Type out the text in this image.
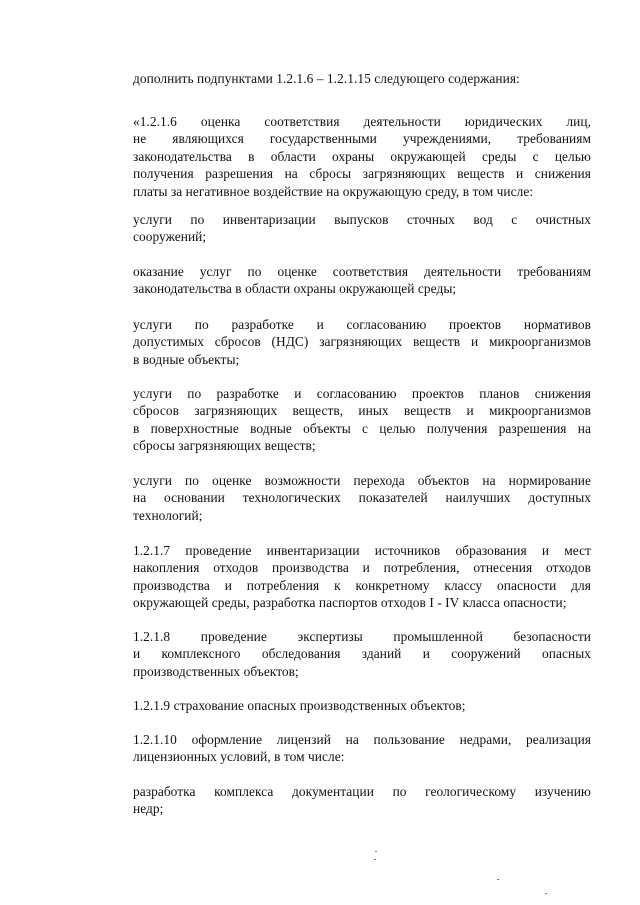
дополнить подпунктами 1.2.1.6 – 1.2.1.15 следующего содержания:
«1.2.1.6 оценка соответствия деятельности юридических лиц,
не являющихся государственными учреждениями, требованиям
законодательства в области охраны окружающей среды с целью
получения разрешения на сбросы загрязняющих веществ и снижения
платы за негативное воздействие на окружающую среду, в том числе:
услуги по инвентаризации выпусков сточных вод с очистных
сооружений;
оказание услуг по оценке соответствия деятельности требованиям
законодательства в области охраны окружающей среды;
услуги по разработке и согласованию проектов нормативов
допустимых сбросов (НДС) загрязняющих веществ и микроорганизмов
в водные объекты;
услуги по разработке и согласованию проектов планов снижения
сбросов загрязняющих веществ, иных веществ и микроорганизмов
в поверхностные водные объекты с целью получения разрешения на
сбросы загрязняющих веществ;
услуги по оценке возможности перехода объектов на нормирование
на основании технологических показателей наилучших доступных
технологий;
1.2.1.7 проведение инвентаризации источников образования и мест
накопления отходов производства и потребления, отнесения отходов
производства и потребления к конкретному классу опасности для
окружающей среды, разработка паспортов отходов I - IV класса опасности;
1.2.1.8 проведение экспертизы промышленной безопасности
и комплексного обследования зданий и сооружений опасных
производственных объектов;
1.2.1.9 страхование опасных производственных объектов;
1.2.1.10 оформление лицензий на пользование недрами, реализация
лицензионных условий, в том числе:
разработка комплекса документации по геологическому изучению
недр;
